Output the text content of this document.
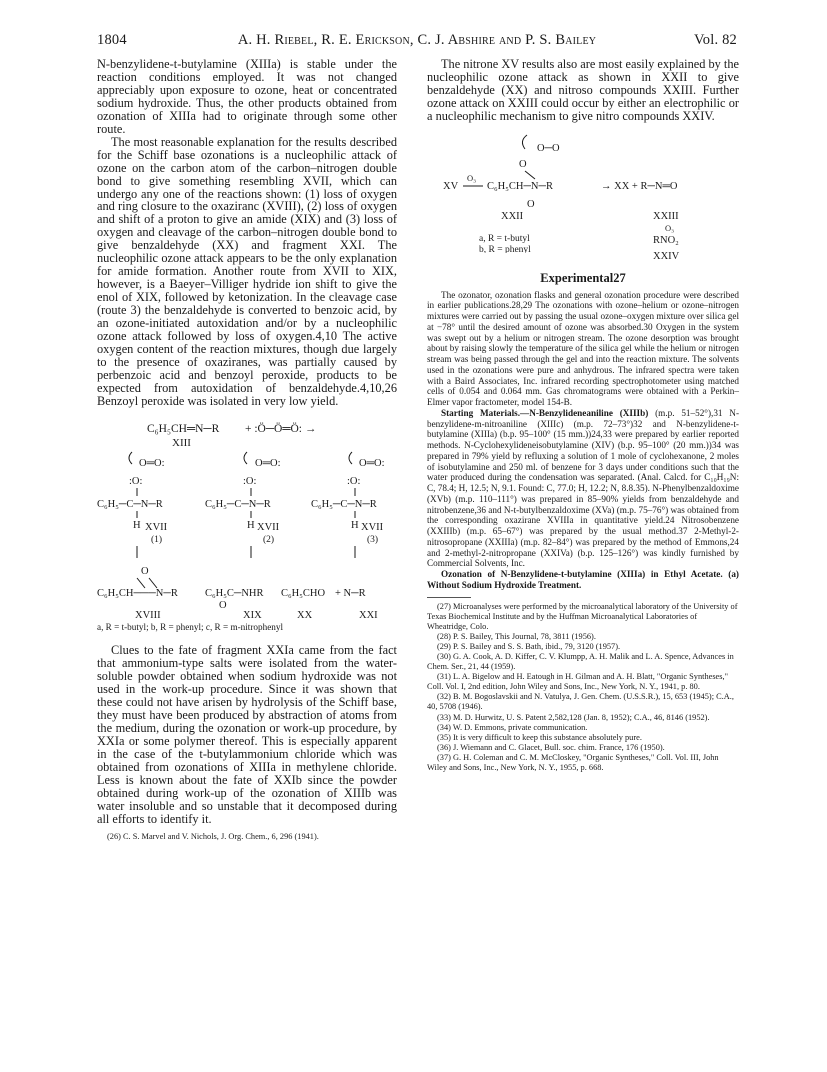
1804	A. H. Riebel, R. E. Erickson, C. J. Abshire and P. S. Bailey	Vol. 82

N-benzylidene-t-butylamine (XIIIa) is stable under the reaction conditions employed. It was not changed appreciably upon exposure to ozone, heat or concentrated sodium hydroxide. Thus, the other products obtained from ozonation of XIIIa had to originate through some other route.

The most reasonable explanation for the results described for the Schiff base ozonations is a nucleophilic attack of ozone on the carbon atom of the carbon–nitrogen double bond to give something resembling XVII, which can undergo any one of the reactions shown: (1) loss of oxygen and ring closure to the oxaziranc (XVIII), (2) loss of oxygen and shift of a proton to give an amide (XIX) and (3) loss of oxygen and cleavage of the carbon–nitrogen double bond to give benzaldehyde (XX) and fragment XXI. The nucleophilic ozone attack appears to be the only explanation for amide formation. Another route from XVII to XIX, however, is a Baeyer–Villiger hydride ion shift to give the enol of XIX, followed by ketonization. In the cleavage case (route 3) the benzaldehyde is converted to benzoic acid, by an ozone-initiated autoxidation and/or by a nucleophilic ozone attack followed by loss of oxygen.4,10 The active oxygen content of the reaction mixtures, though due largely to the presence of oxaziranes, was partially caused by perbenzoic acid and benzoyl peroxide, products to be expected from autoxidation of benzaldehyde.4,10,26 Benzoyl peroxide was isolated in very low yield.

C₆H₅CH═N─R + :Ö─Ö═Ö: →
XIII
O═O:	O═O:	O═O:
:O:	:O:	:O:
C₆H₅─C─N─R	C₆H₅─C─N─R	C₆H₅─C─N─R
H	H	H
XVII	XVII	XVII
(1)	(2)	(3)
O
C₆H₅CH───N─R	C₆H₅C─NHR C₆H₅CHO + N─R
O
XVIII	XIX	XX	XXI

a, R = t-butyl; b, R = phenyl; c, R = m-nitrophenyl

Clues to the fate of fragment XXIa came from the fact that ammonium-type salts were isolated from the water-soluble powder obtained when sodium hydroxide was not used in the work-up procedure. Since it was shown that these could not have arisen by hydrolysis of the Schiff base, they must have been produced by abstraction of atoms from the medium, during the ozonation or work-up procedure, by XXIa or some polymer thereof. This is especially apparent in the case of the t-butylammonium chloride which was obtained from ozonations of XIIIa in methylene chloride. Less is known about the fate of XXIb since the powder obtained during work-up of the ozonation of XIIIb was water insoluble and so unstable that it decomposed during all efforts to identify it.

(26) C. S. Marvel and V. Nichols, J. Org. Chem., 6, 296 (1941).

The nitrone XV results also are most easily explained by the nucleophilic ozone attack as shown in XXII to give benzaldehyde (XX) and nitroso compounds XXIII. Further ozone attack on XXIII could occur by either an electrophilic or a nucleophilic mechanism to give nitro compounds XXIV.

O─O
O
XV
O₃
C₆H₅CH─N─R	→ XX + R─N═O
O
XXII	XXIII
O₃
a, R = t-butyl	RNO₂
b, R = phenyl

XXIV

Experimental27

The ozonator, ozonation flasks and general ozonation procedure were described in earlier publications.28,29 The ozonations with ozone–helium or ozone–nitrogen mixtures were carried out by passing the usual ozone–oxygen mixture over silica gel at −78° until the desired amount of ozone was absorbed.30 Oxygen in the system was swept out by a helium or nitrogen stream. The ozone desorption was brought about by raising slowly the temperature of the silica gel while the helium or nitrogen stream was being passed through the gel and into the reaction mixture. The solvents used in the ozonations were pure and anhydrous. The infrared spectra were taken with a Baird Associates, Inc. infrared recording spectrophotometer using matched cells of 0.054 and 0.064 mm. Gas chromatograms were obtained with a Perkin–Elmer vapor fractometer, model 154-B.

Starting Materials.—N-Benzylideneaniline (XIIIb) (m.p. 51–52°),31 N-benzylidene-m-nitroaniline (XIIIc) (m.p. 72–73°)32 and N-benzylidene-t-butylamine (XIIIa) (b.p. 95–100° (15 mm.))24,33 were prepared by earlier reported methods. N-Cyclohexylideneisobutylamine (XIV) (b.p. 95–100° (20 mm.))34 was prepared in 79% yield by refluxing a solution of 1 mole of cyclohexanone, 2 moles of isobutylamine and 250 ml. of benzene for 3 days under conditions such that the water produced during the condensation was separated. (Anal. Calcd. for C₁₀H₁₉N: C, 78.4; H, 12.5; N, 9.1. Found: C, 77.0; H, 12.2; N, 8.8.35). N-Phenylbenzaldoxime (XVb) (m.p. 110–111°) was prepared in 85–90% yields from benzaldehyde and nitrobenzene,36 and N-t-butylbenzaldoxime (XVa) (m.p. 75–76°) was obtained from the corresponding oxazirane XVIIIa in quantitative yield.24 Nitrosobenzene (XXIIIb) (m.p. 65–67°) was prepared by the usual method.37 2-Methyl-2-nitrosopropane (XXIIIa) (m.p. 82–84°) was prepared by the method of Emmons,24 and 2-methyl-2-nitropropane (XXIVa) (b.p. 125–126°) was kindly furnished by Commercial Solvents, Inc.

Ozonation of N-Benzylidene-t-butylamine (XIIIa) in Ethyl Acetate. (a) Without Sodium Hydroxide Treatment.

(27) Microanalyses were performed by the microanalytical laboratory of the University of Texas Biochemical Institute and by the Huffman Microanalytical Laboratories of Wheatridge, Colo.
(28) P. S. Bailey, This Journal, 78, 3811 (1956).
(29) P. S. Bailey and S. S. Bath, ibid., 79, 3120 (1957).
(30) G. A. Cook, A. D. Kiffer, C. V. Klumpp, A. H. Malik and L. A. Spence, Advances in Chem. Ser., 21, 44 (1959).
(31) L. A. Bigelow and H. Eatough in H. Gilman and A. H. Blatt, "Organic Syntheses," Coll. Vol. I, 2nd edition, John Wiley and Sons, Inc., New York, N. Y., 1941, p. 80.
(32) B. M. Bogoslavskii and N. Vatulya, J. Gen. Chem. (U.S.S.R.), 15, 653 (1945); C.A., 40, 5708 (1946).
(33) M. D. Hurwitz, U. S. Patent 2,582,128 (Jan. 8, 1952); C.A., 46, 8146 (1952).
(34) W. D. Emmons, private communication.
(35) It is very difficult to keep this substance absolutely pure.
(36) J. Wiemann and C. Glacet, Bull. soc. chim. France, 176 (1950).
(37) G. H. Coleman and C. M. McCloskey, "Organic Syntheses," Coll. Vol. III, John Wiley and Sons, Inc., New York, N. Y., 1955, p. 668.
